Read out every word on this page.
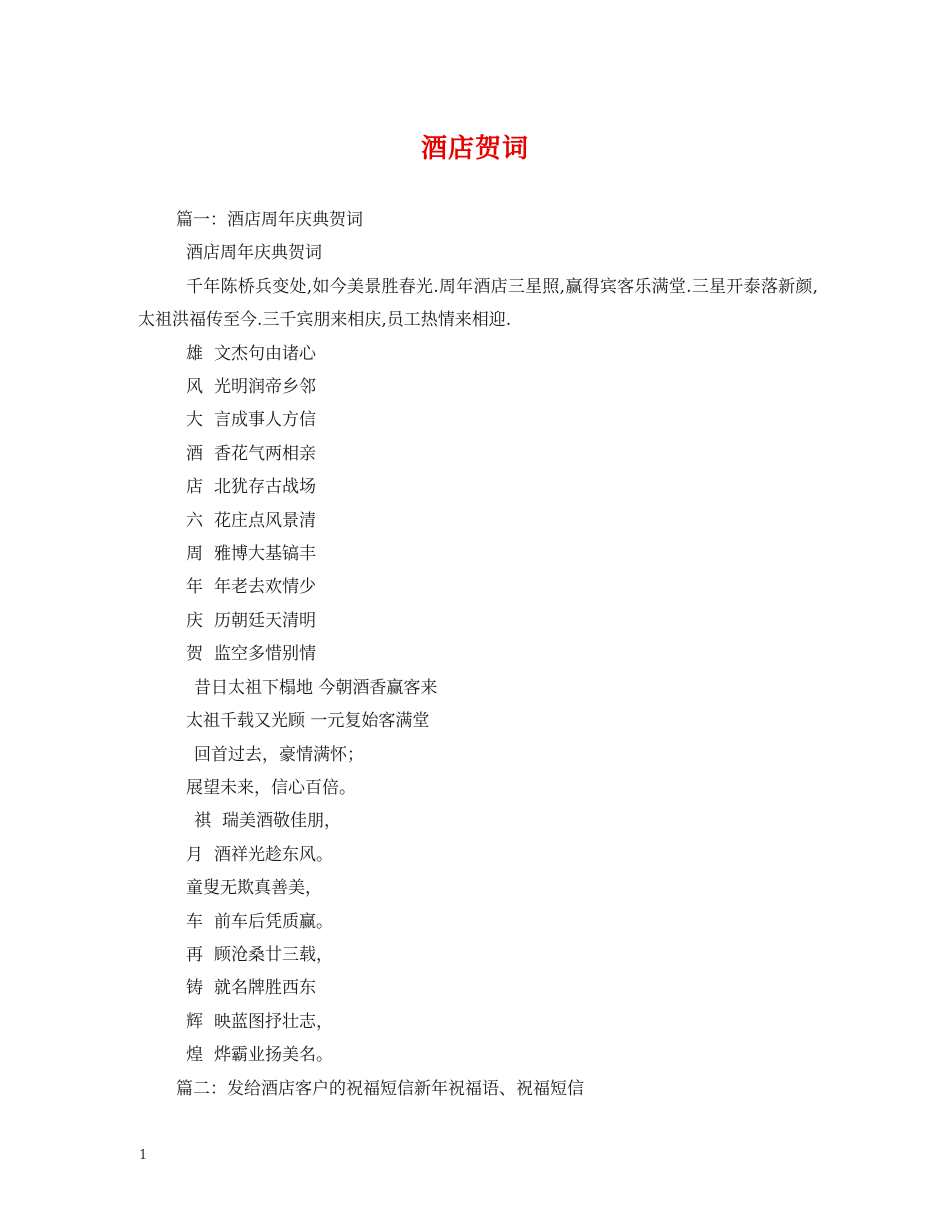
酒店贺词
篇一：酒店周年庆典贺词
酒店周年庆典贺词
千年陈桥兵变处,如今美景胜春光.周年酒店三星照,赢得宾客乐满堂.三星开泰落新颜,太祖洪福传至今.三千宾朋来相庆,员工热情来相迎.
雄 文杰句由诸心
风 光明润帝乡邻
大 言成事人方信
酒 香花气两相亲
店 北犹存古战场
六 花庄点风景清
周 雅博大基镐丰
年 年老去欢情少
庆 历朝廷天清明
贺 监空多惜别情
昔日太祖下榻地 今朝酒香赢客来
太祖千载又光顾 一元复始客满堂
回首过去，豪情满怀；
展望未来，信心百倍。
祺 瑞美酒敬佳朋，
月 酒祥光趁东风。
童叟无欺真善美，
车 前车后凭质赢。
再 顾沧桑廿三载，
铸 就名牌胜西东
辉 映蓝图抒壮志，
煌 烨霸业扬美名。
篇二：发给酒店客户的祝福短信新年祝福语、祝福短信
1
